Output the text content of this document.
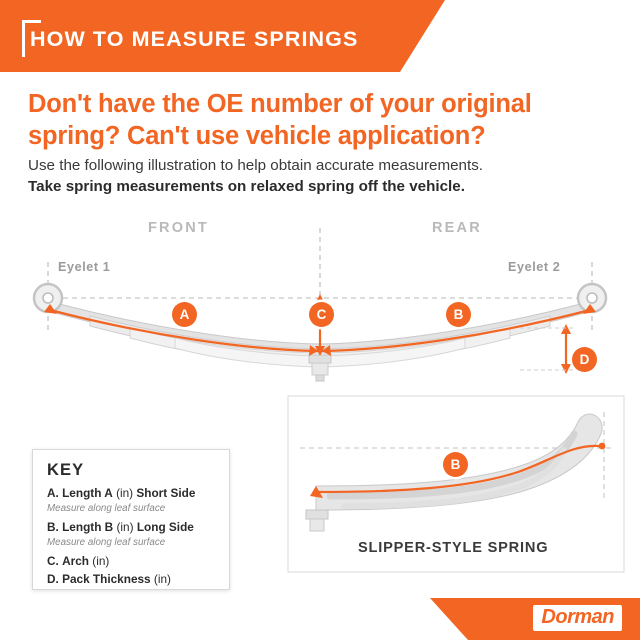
HOW TO MEASURE SPRINGS
Don't have the OE number of your original spring? Can't use vehicle application?
Use the following illustration to help obtain accurate measurements.
Take spring measurements on relaxed spring off the vehicle.
FRONT	REAR
Eyelet 1	Eyelet 2
A	C	B
D
B
SLIPPER-STYLE SPRING
KEY
A. Length A (in) Short Side
Measure along leaf surface
B. Length B (in) Long Side
Measure along leaf surface
C. Arch (in)
D. Pack Thickness (in)
Dorman
